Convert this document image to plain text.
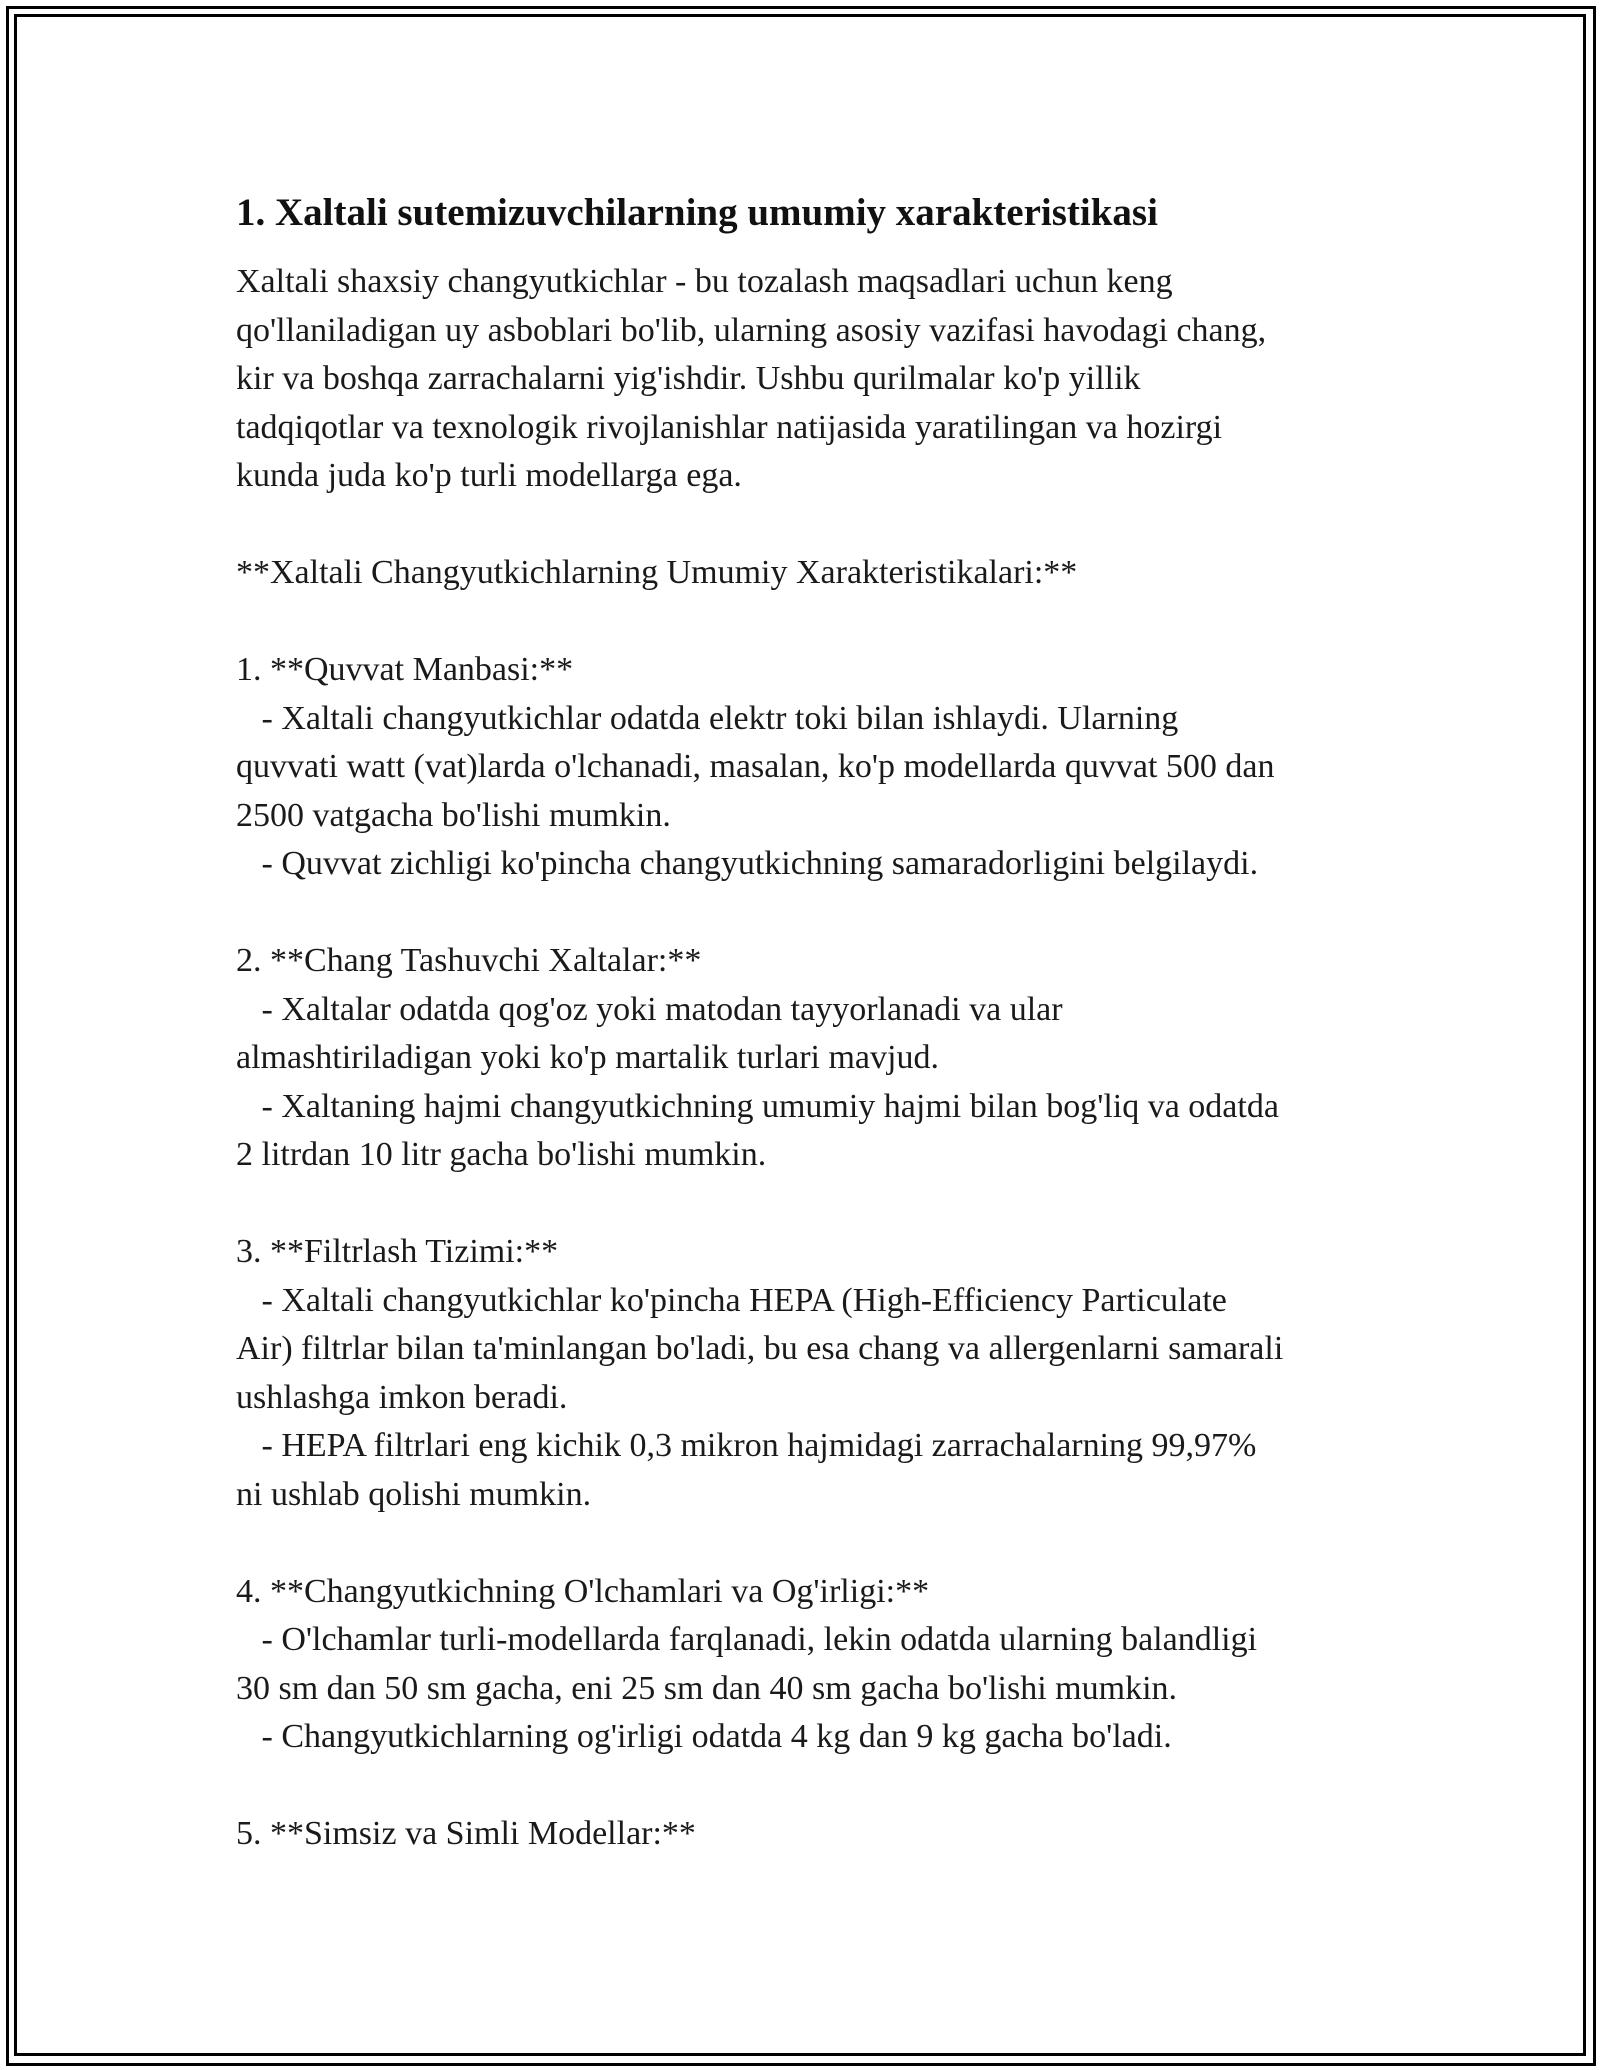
1. Xaltali sutemizuvchilarning umumiy xarakteristikasi

Xaltali shaxsiy changyutkichlar - bu tozalash maqsadlari uchun keng
qo'llaniladigan uy asboblari bo'lib, ularning asosiy vazifasi havodagi chang,
kir va boshqa zarrachalarni yig'ishdir. Ushbu qurilmalar ko'p yillik
tadqiqotlar va texnologik rivojlanishlar natijasida yaratilingan va hozirgi
kunda juda ko'p turli modellarga ega.

**Xaltali Changyutkichlarning Umumiy Xarakteristikalari:**

1. **Quvvat Manbasi:**

- Xaltali changyutkichlar odatda elektr toki bilan ishlaydi. Ularning
quvvati watt (vat)larda o'lchanadi, masalan, ko'p modellarda quvvat 500 dan
2500 vatgacha bo'lishi mumkin.
- Quvvat zichligi ko'pincha changyutkichning samaradorligini belgilaydi.

2. **Chang Tashuvchi Xaltalar:**

- Xaltalar odatda qog'oz yoki matodan tayyorlanadi va ular
almashtiriladigan yoki ko'p martalik turlari mavjud.
- Xaltaning hajmi changyutkichning umumiy hajmi bilan bog'liq va odatda
2 litrdan 10 litr gacha bo'lishi mumkin.

3. **Filtrlash Tizimi:**

- Xaltali changyutkichlar ko'pincha HEPA (High-Efficiency Particulate
Air) filtrlar bilan ta'minlangan bo'ladi, bu esa chang va allergenlarni samarali
ushlashga imkon beradi.
- HEPA filtrlari eng kichik 0,3 mikron hajmidagi zarrachalarning 99,97%
ni ushlab qolishi mumkin.

4. **Changyutkichning O'lchamlari va Og'irligi:**

- O'lchamlar turli-modellarda farqlanadi, lekin odatda ularning balandligi
30 sm dan 50 sm gacha, eni 25 sm dan 40 sm gacha bo'lishi mumkin.
- Changyutkichlarning og'irligi odatda 4 kg dan 9 kg gacha bo'ladi.

5. **Simsiz va Simli Modellar:**
